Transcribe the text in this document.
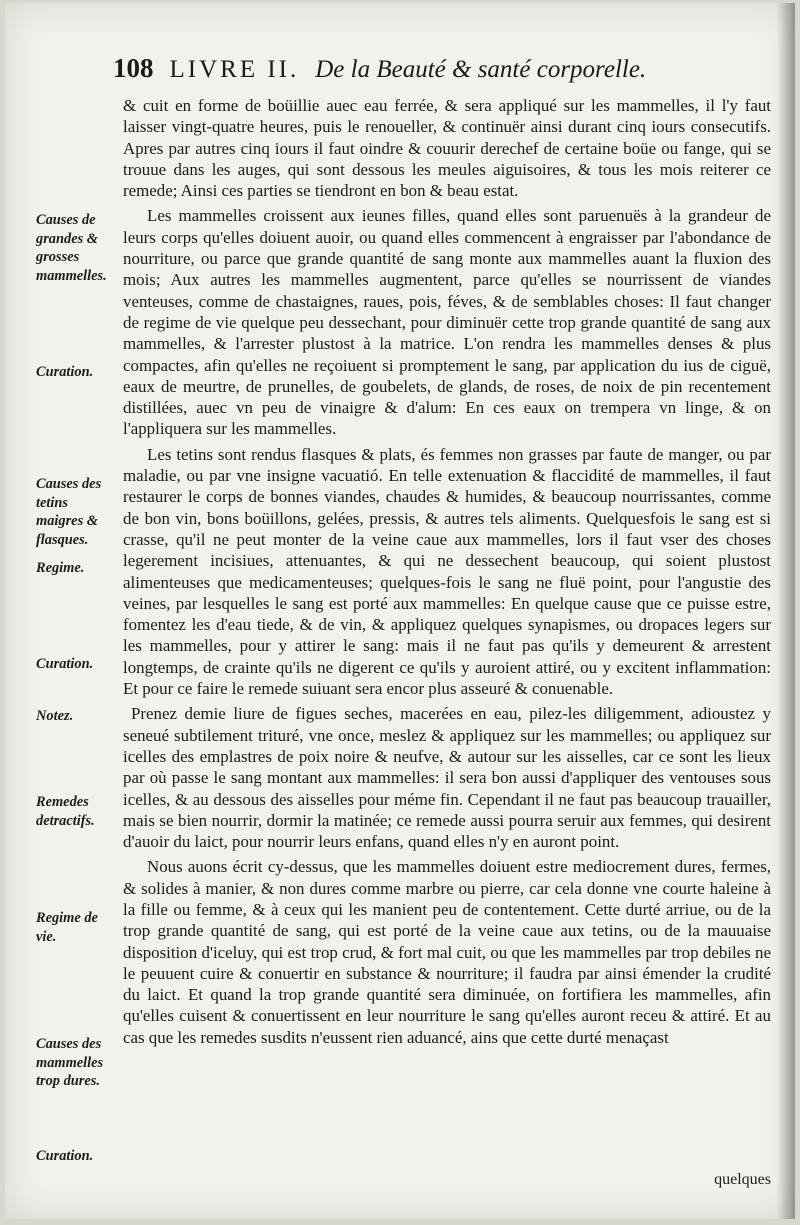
108 LIVRE II. De la Beauté & santé corporelle.
Causes de grandes & grosses mammelles.
Curation.
Causes des tetins maigres & flasques.
Regime.
Curation.
Notez.
Remedes detractifs.
Regime de vie.
Causes des mammelles trop dures.
Curation.

& cuit en forme de boüillie auec eau ferrée, & sera appliqué sur les mammelles, il l'y faut laisser vingt-quatre heures, puis le renoueller, & continuër ainsi durant cinq iours consecutifs. Apres par autres cinq iours il faut oindre & couurir derechef de certaine boüe ou fange, qui se trouue dans les auges, qui sont dessous les meules aiguisoires, & tous les mois reiterer ce remede; Ainsi ces parties se tiendront en bon & beau estat.

Les mammelles croissent aux ieunes filles, quand elles sont paruenuës à la grandeur de leurs corps qu'elles doiuent auoir, ou quand elles commencent à engraisser par l'abondance de nourriture, ou parce que grande quantité de sang monte aux mammelles auant la fluxion des mois; Aux autres les mammelles augmentent, parce qu'elles se nourrissent de viandes venteuses, comme de chastaignes, raues, pois, féves, & de semblables choses: Il faut changer de regime de vie quelque peu dessechant, pour diminuër cette trop grande quantité de sang aux mammelles, & l'arrester plustost à la matrice. L'on rendra les mammelles denses & plus compactes, afin qu'elles ne reçoiuent si promptement le sang, par application du ius de ciguë, eaux de meurtre, de prunelles, de goubelets, de glands, de roses, de noix de pin recentement distillées, auec vn peu de vinaigre & d'alum: En ces eaux on trempera vn linge, & on l'appliquera sur les mammelles.

Les tetins sont rendus flasques & plats, és femmes non grasses par faute de manger, ou par maladie, ou par vne insigne vacuatió. En telle extenuation & flaccidité de mammelles, il faut restaurer le corps de bonnes viandes, chaudes & humides, & beaucoup nourrissantes, comme de bon vin, bons boüillons, gelées, pressis, & autres tels aliments. Quelquesfois le sang est si crasse, qu'il ne peut monter de la veine caue aux mammelles, lors il faut vser des choses legerement incisiues, attenuantes, & qui ne dessechent beaucoup, qui soient plustost alimenteuses que medicamenteuses; quelques-fois le sang ne fluë point, pour l'angustie des veines, par lesquelles le sang est porté aux mammelles: En quelque cause que ce puisse estre, fomentez les d'eau tiede, & de vin, & appliquez quelques synapismes, ou dropaces legers sur les mammelles, pour y attirer le sang: mais il ne faut pas qu'ils y demeurent & arrestent longtemps, de crainte qu'ils ne digerent ce qu'ils y auroient attiré, ou y excitent inflammation: Et pour ce faire le remede suiuant sera encor plus asseuré & conuenable.

Prenez demie liure de figues seches, macerées en eau, pilez-les diligemment, adioustez y seneué subtilement trituré, vne once, meslez & appliquez sur les mammelles; ou appliquez sur icelles des emplastres de poix noire & neufve, & autour sur les aisselles, car ce sont les lieux par où passe le sang montant aux mammelles: il sera bon aussi d'appliquer des ventouses sous icelles, & au dessous des aisselles pour méme fin. Cependant il ne faut pas beaucoup trauailler, mais se bien nourrir, dormir la matinée; ce remede aussi pourra seruir aux femmes, qui desirent d'auoir du laict, pour nourrir leurs enfans, quand elles n'y en auront point.

Nous auons écrit cy-dessus, que les mammelles doiuent estre mediocrement dures, fermes, & solides à manier, & non dures comme marbre ou pierre, car cela donne vne courte haleine à la fille ou femme, & à ceux qui les manient peu de contentement. Cette durté arriue, ou de la trop grande quantité de sang, qui est porté de la veine caue aux tetins, ou de la mauuaise disposition d'iceluy, qui est trop crud, & fort mal cuit, ou que les mammelles par trop debiles ne le peuuent cuire & conuertir en substance & nourriture; il faudra par ainsi émender la crudité du laict. Et quand la trop grande quantité sera diminuée, on fortifiera les mammelles, afin qu'elles cuisent & conuertissent en leur nourriture le sang qu'elles auront receu & attiré. Et au cas que les remedes susdits n'eussent rien aduancé, ains que cette durté menaçast

quelques
